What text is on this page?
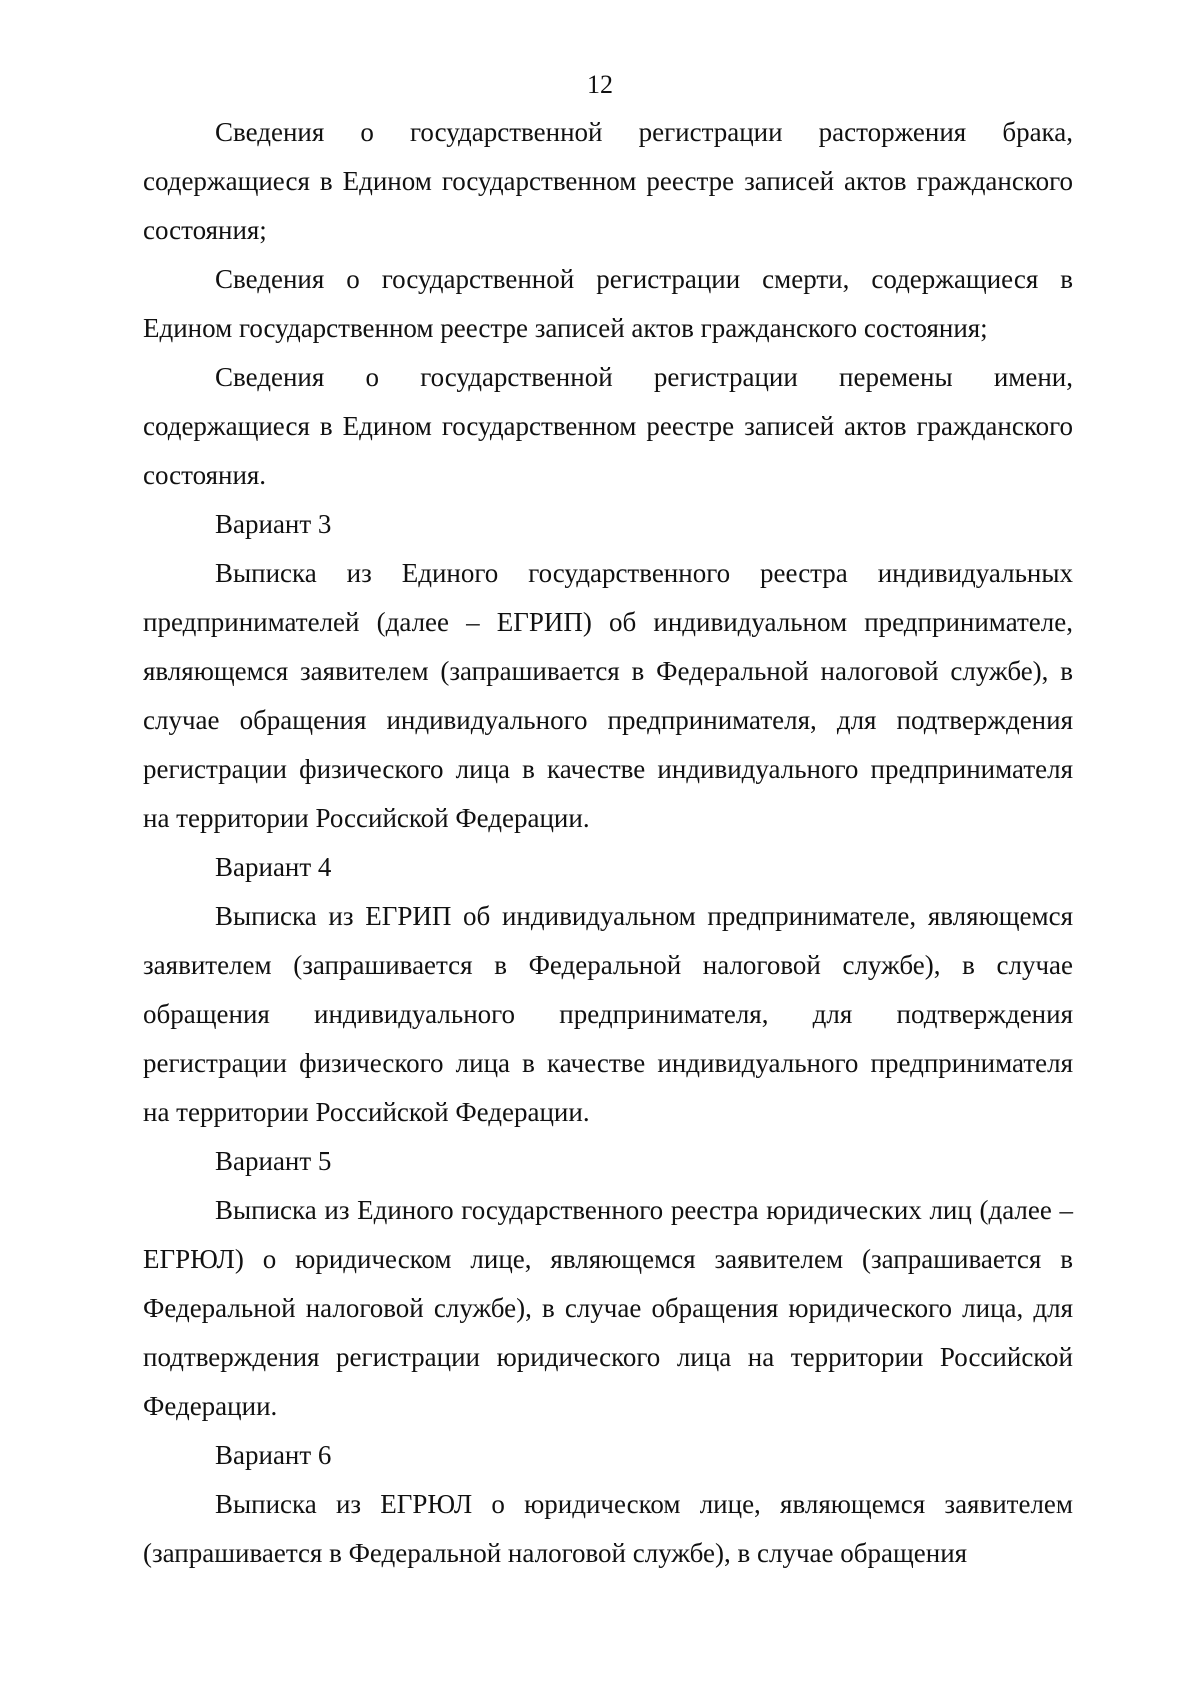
12

Сведения о государственной регистрации расторжения брака, содержащиеся в Едином государственном реестре записей актов гражданского состояния;

Сведения о государственной регистрации смерти, содержащиеся в Едином государственном реестре записей актов гражданского состояния;

Сведения о государственной регистрации перемены имени, содержащиеся в Едином государственном реестре записей актов гражданского состояния.

Вариант 3

Выписка из Единого государственного реестра индивидуальных предпринимателей (далее – ЕГРИП) об индивидуальном предпринимателе, являющемся заявителем (запрашивается в Федеральной налоговой службе), в случае обращения индивидуального предпринимателя, для подтверждения регистрации физического лица в качестве индивидуального предпринимателя на территории Российской Федерации.

Вариант 4

Выписка из ЕГРИП об индивидуальном предпринимателе, являющемся заявителем (запрашивается в Федеральной налоговой службе), в случае обращения индивидуального предпринимателя, для подтверждения регистрации физического лица в качестве индивидуального предпринимателя на территории Российской Федерации.

Вариант 5

Выписка из Единого государственного реестра юридических лиц (далее – ЕГРЮЛ) о юридическом лице, являющемся заявителем (запрашивается в Федеральной налоговой службе), в случае обращения юридического лица, для подтверждения регистрации юридического лица на территории Российской Федерации.

Вариант 6

Выписка из ЕГРЮЛ о юридическом лице, являющемся заявителем (запрашивается в Федеральной налоговой службе), в случае обращения
